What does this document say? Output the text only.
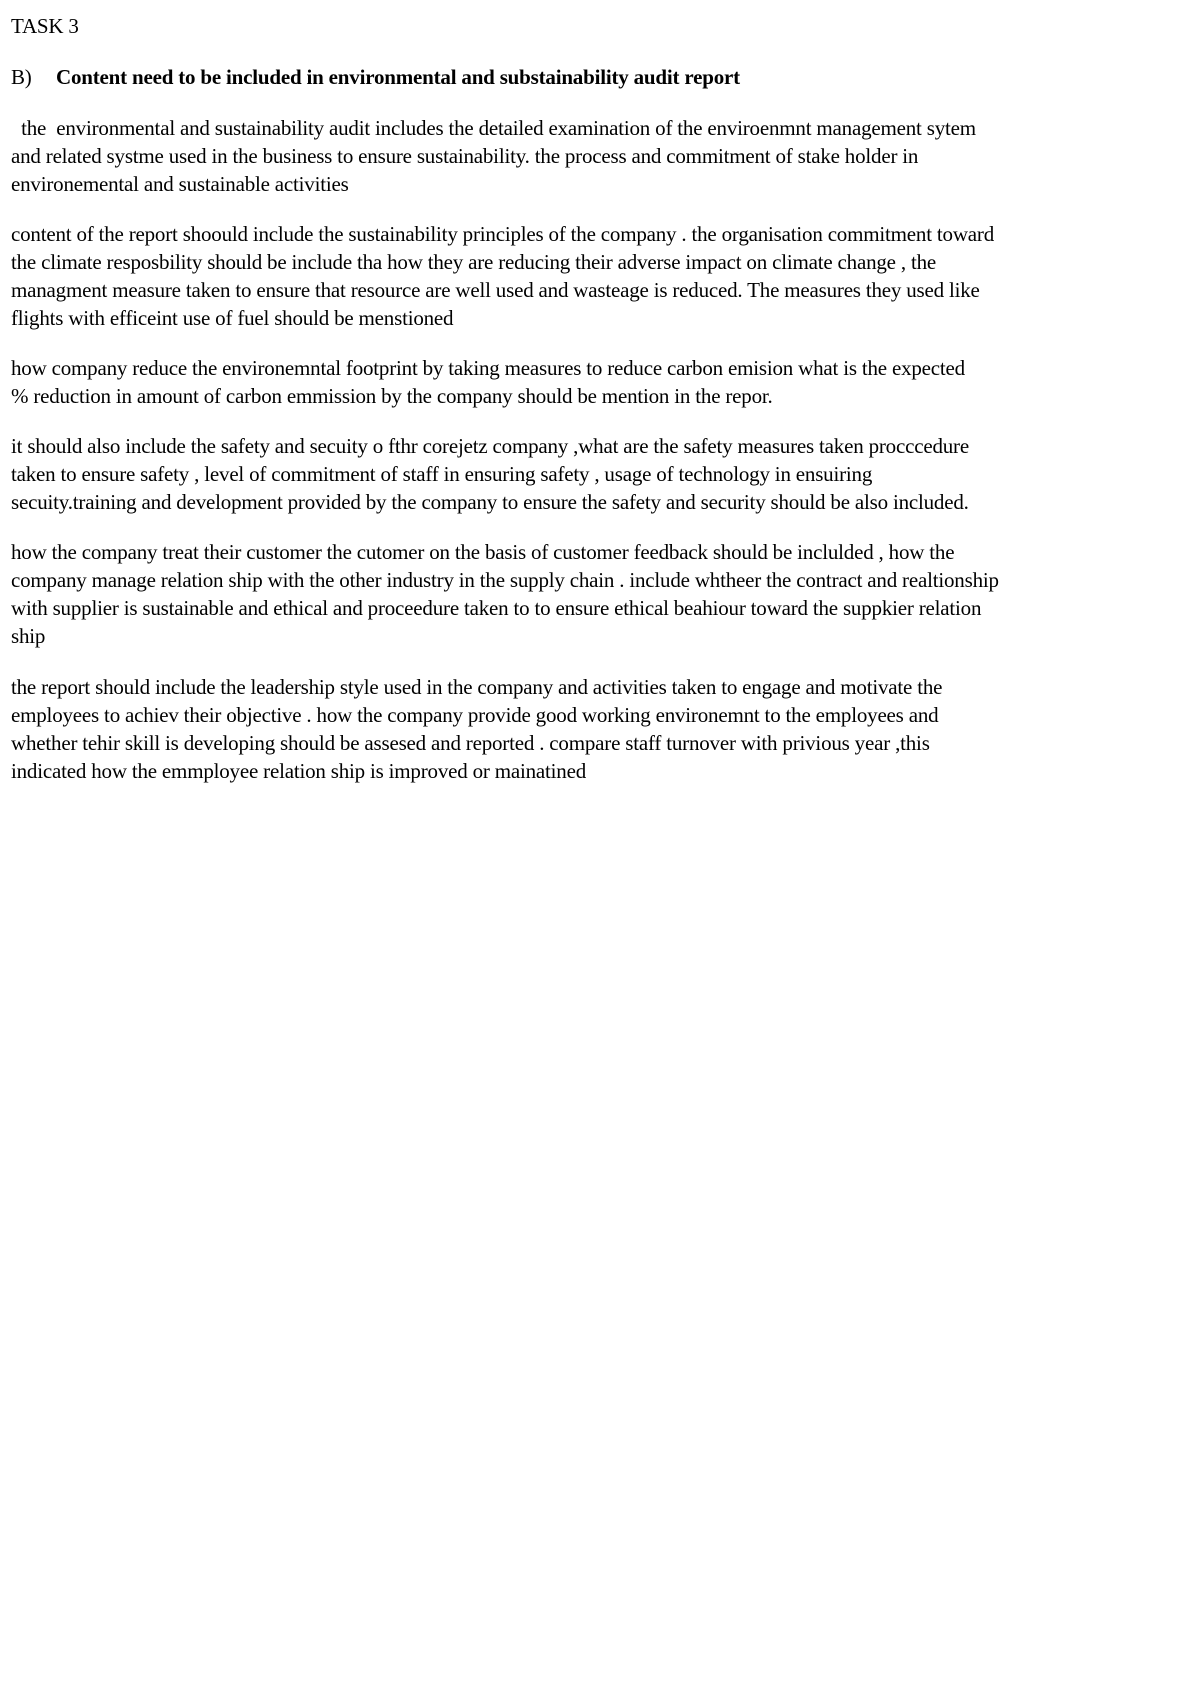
TASK 3

B) Content need to be included in environmental and substainability audit report

the  environmental and sustainability audit includes the detailed examination of the enviroenmnt management sytem
and related systme used in the business to ensure sustainability. the process and commitment of stake holder in
environemental and sustainable activities

content of the report shoould include the sustainability principles of the company . the organisation commitment toward
the climate resposbility should be include tha how they are reducing their adverse impact on climate change , the
managment measure taken to ensure that resource are well used and wasteage is reduced. The measures they used like
flights with efficeint use of fuel should be menstioned

how company reduce the environemntal footprint by taking measures to reduce carbon emision what is the expected
% reduction in amount of carbon emmission by the company should be mention in the repor.

it should also include the safety and secuity o fthr corejetz company ,what are the safety measures taken procccedure
taken to ensure safety , level of commitment of staff in ensuring safety , usage of technology in ensuiring
secuity.training and development provided by the company to ensure the safety and security should be also included.

how the company treat their customer the cutomer on the basis of customer feedback should be inclulded , how the
company manage relation ship with the other industry in the supply chain . include whtheer the contract and realtionship
with supplier is sustainable and ethical and proceedure taken to to ensure ethical beahiour toward the suppkier relation
ship

the report should include the leadership style used in the company and activities taken to engage and motivate the
employees to achiev their objective . how the company provide good working environemnt to the employees and
whether tehir skill is developing should be assesed and reported . compare staff turnover with privious year ,this
indicated how the emmployee relation ship is improved or mainatined
